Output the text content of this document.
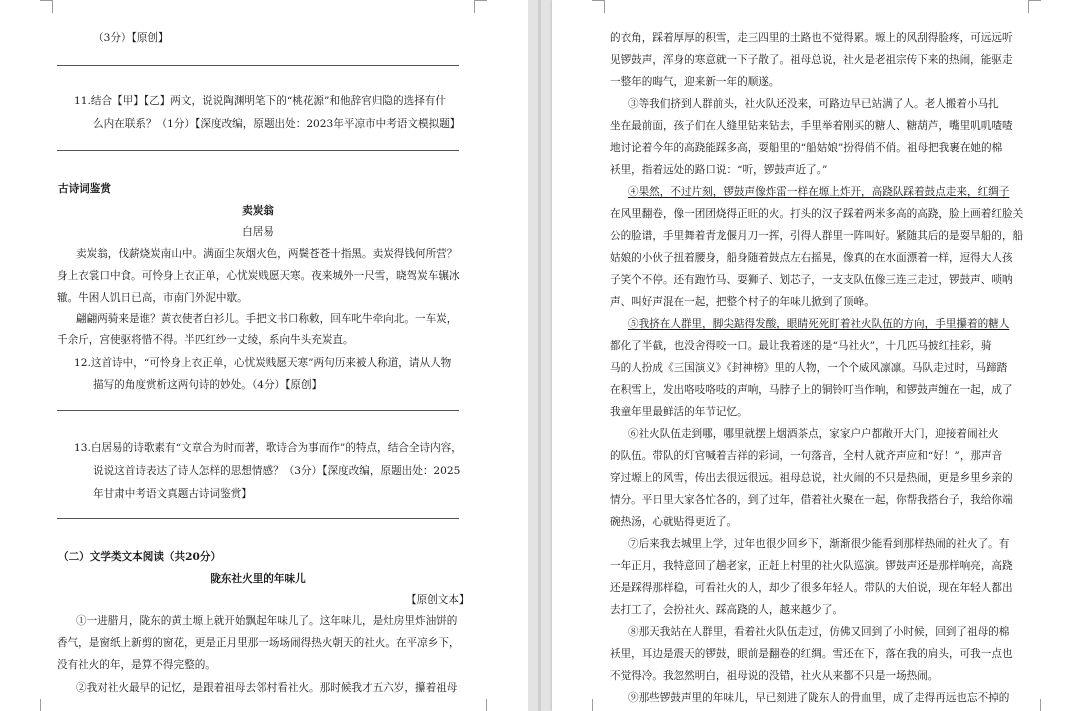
（3分）【原创】
11.结合【甲】【乙】两文，说说陶渊明笔下的“桃花源”和他辞官归隐的选择有什
么内在联系？（1分）【深度改编，原题出处：2023年平凉市中考语文模拟题】
古诗词鉴赏
卖炭翁
白居易
卖炭翁，伐薪烧炭南山中。满面尘灰烟火色，两鬓苍苍十指黑。卖炭得钱何所营？
身上衣裳口中食。可怜身上衣正单，心忧炭贱愿天寒。夜来城外一尺雪，晓驾炭车辗冰
辙。牛困人饥日已高，市南门外泥中歇。
翩翩两骑来是谁？黄衣使者白衫儿。手把文书口称敕，回车叱牛牵向北。一车炭，
千余斤，宫使驱将惜不得。半匹红纱一丈绫，系向牛头充炭直。
12.这首诗中，“可怜身上衣正单，心忧炭贱愿天寒”两句历来被人称道，请从人物
描写的角度赏析这两句诗的妙处。（4分）【原创】
13.白居易的诗歌素有“文章合为时而著，歌诗合为事而作”的特点，结合全诗内容，
说说这首诗表达了诗人怎样的思想情感？（3分）【深度改编，原题出处：2025
年甘肃中考语文真题古诗词鉴赏】
（二）文学类文本阅读（共20分）
陇东社火里的年味儿
【原创文本】
①一进腊月，陇东的黄土塬上就开始飘起年味儿了。这年味儿，是灶房里炸油饼的
香气，是窗纸上新剪的窗花，更是正月里那一场场闹得热火朝天的社火。在平凉乡下，
没有社火的年，是算不得完整的。
②我对社火最早的记忆，是跟着祖母去邻村看社火。那时候我才五六岁，攥着祖母
的衣角，踩着厚厚的积雪，走三四里的土路也不觉得累。塬上的风刮得脸疼，可远远听
见锣鼓声，浑身的寒意就一下子散了。祖母总说，社火是老祖宗传下来的热闹，能驱走
一整年的晦气，迎来新一年的顺遂。
③等我们挤到人群前头，社火队还没来，可路边早已站满了人。老人搬着小马扎
坐在最前面，孩子们在人缝里钻来钻去，手里举着刚买的糖人、糖葫芦，嘴里叽叽喳喳
地讨论着今年的高跷能踩多高，耍船里的“船姑娘”扮得俏不俏。祖母把我裹在她的棉
袄里，指着远处的路口说：“听，锣鼓声近了。”
④果然，不过片刻，锣鼓声像炸雷一样在塬上炸开，高跷队踩着鼓点走来，红绸子
在风里翻卷，像一团团烧得正旺的火。打头的汉子踩着两米多高的高跷，脸上画着红脸关
公的脸谱，手里舞着青龙偃月刀一挥，引得人群里一阵叫好。紧随其后的是耍旱船的，船
姑娘的小伙子扭着腰身，船身随着鼓点左右摇晃，像真的在水面漂着一样，逗得大人孩
子笑个不停。还有跑竹马、耍狮子、划芯子，一支支队伍像三连三走过，锣鼓声、唢呐
声、叫好声混在一起，把整个村子的年味儿掀到了顶峰。
⑤我挤在人群里，脚尖踮得发酸，眼睛死死盯着社火队伍的方向，手里攥着的糖人
都化了半截，也没舍得咬一口。最让我着迷的是“马社火”，十几匹马披红挂彩，骑
马的人扮成《三国演义》《封神榜》里的人物，一个个威风凛凛。马队走过时，马蹄踏
在积雪上，发出咯吱咯吱的声响，马脖子上的铜铃叮当作响，和锣鼓声缠在一起，成了
我童年里最鲜活的年节记忆。
⑥社火队伍走到哪，哪里就摆上烟酒茶点，家家户户都敞开大门，迎接着闹社火
的队伍。带队的灯官喊着吉祥的彩词，一句落音，全村人就齐声应和“好！”，那声音
穿过塬上的风雪，传出去很远很远。祖母总说，社火闹的不只是热闹，更是乡里乡亲的
情分。平日里大家各忙各的，到了过年，借着社火聚在一起，你帮我搭台子，我给你端
碗热汤，心就贴得更近了。
⑦后来我去城里上学，过年也很少回乡下，渐渐很少能看到那样热闹的社火了。有
一年正月，我特意回了趟老家，正赶上村里的社火队巡演。锣鼓声还是那样响亮，高跷
还是踩得那样稳，可看社火的人，却少了很多年轻人。带队的大伯说，现在年轻人都出
去打工了，会扮社火、踩高跷的人，越来越少了。
⑧那天我站在人群里，看着社火队伍走过，仿佛又回到了小时候，回到了祖母的棉
袄里，耳边是震天的锣鼓，眼前是翻卷的红绸。雪还在下，落在我的肩头，可我一点也
不觉得冷。我忽然明白，祖母说的没错，社火从来都不只是一场热闹。
⑨那些锣鼓声里的年味儿，早已刻进了陇东人的骨血里，成了走得再远也忘不掉的
